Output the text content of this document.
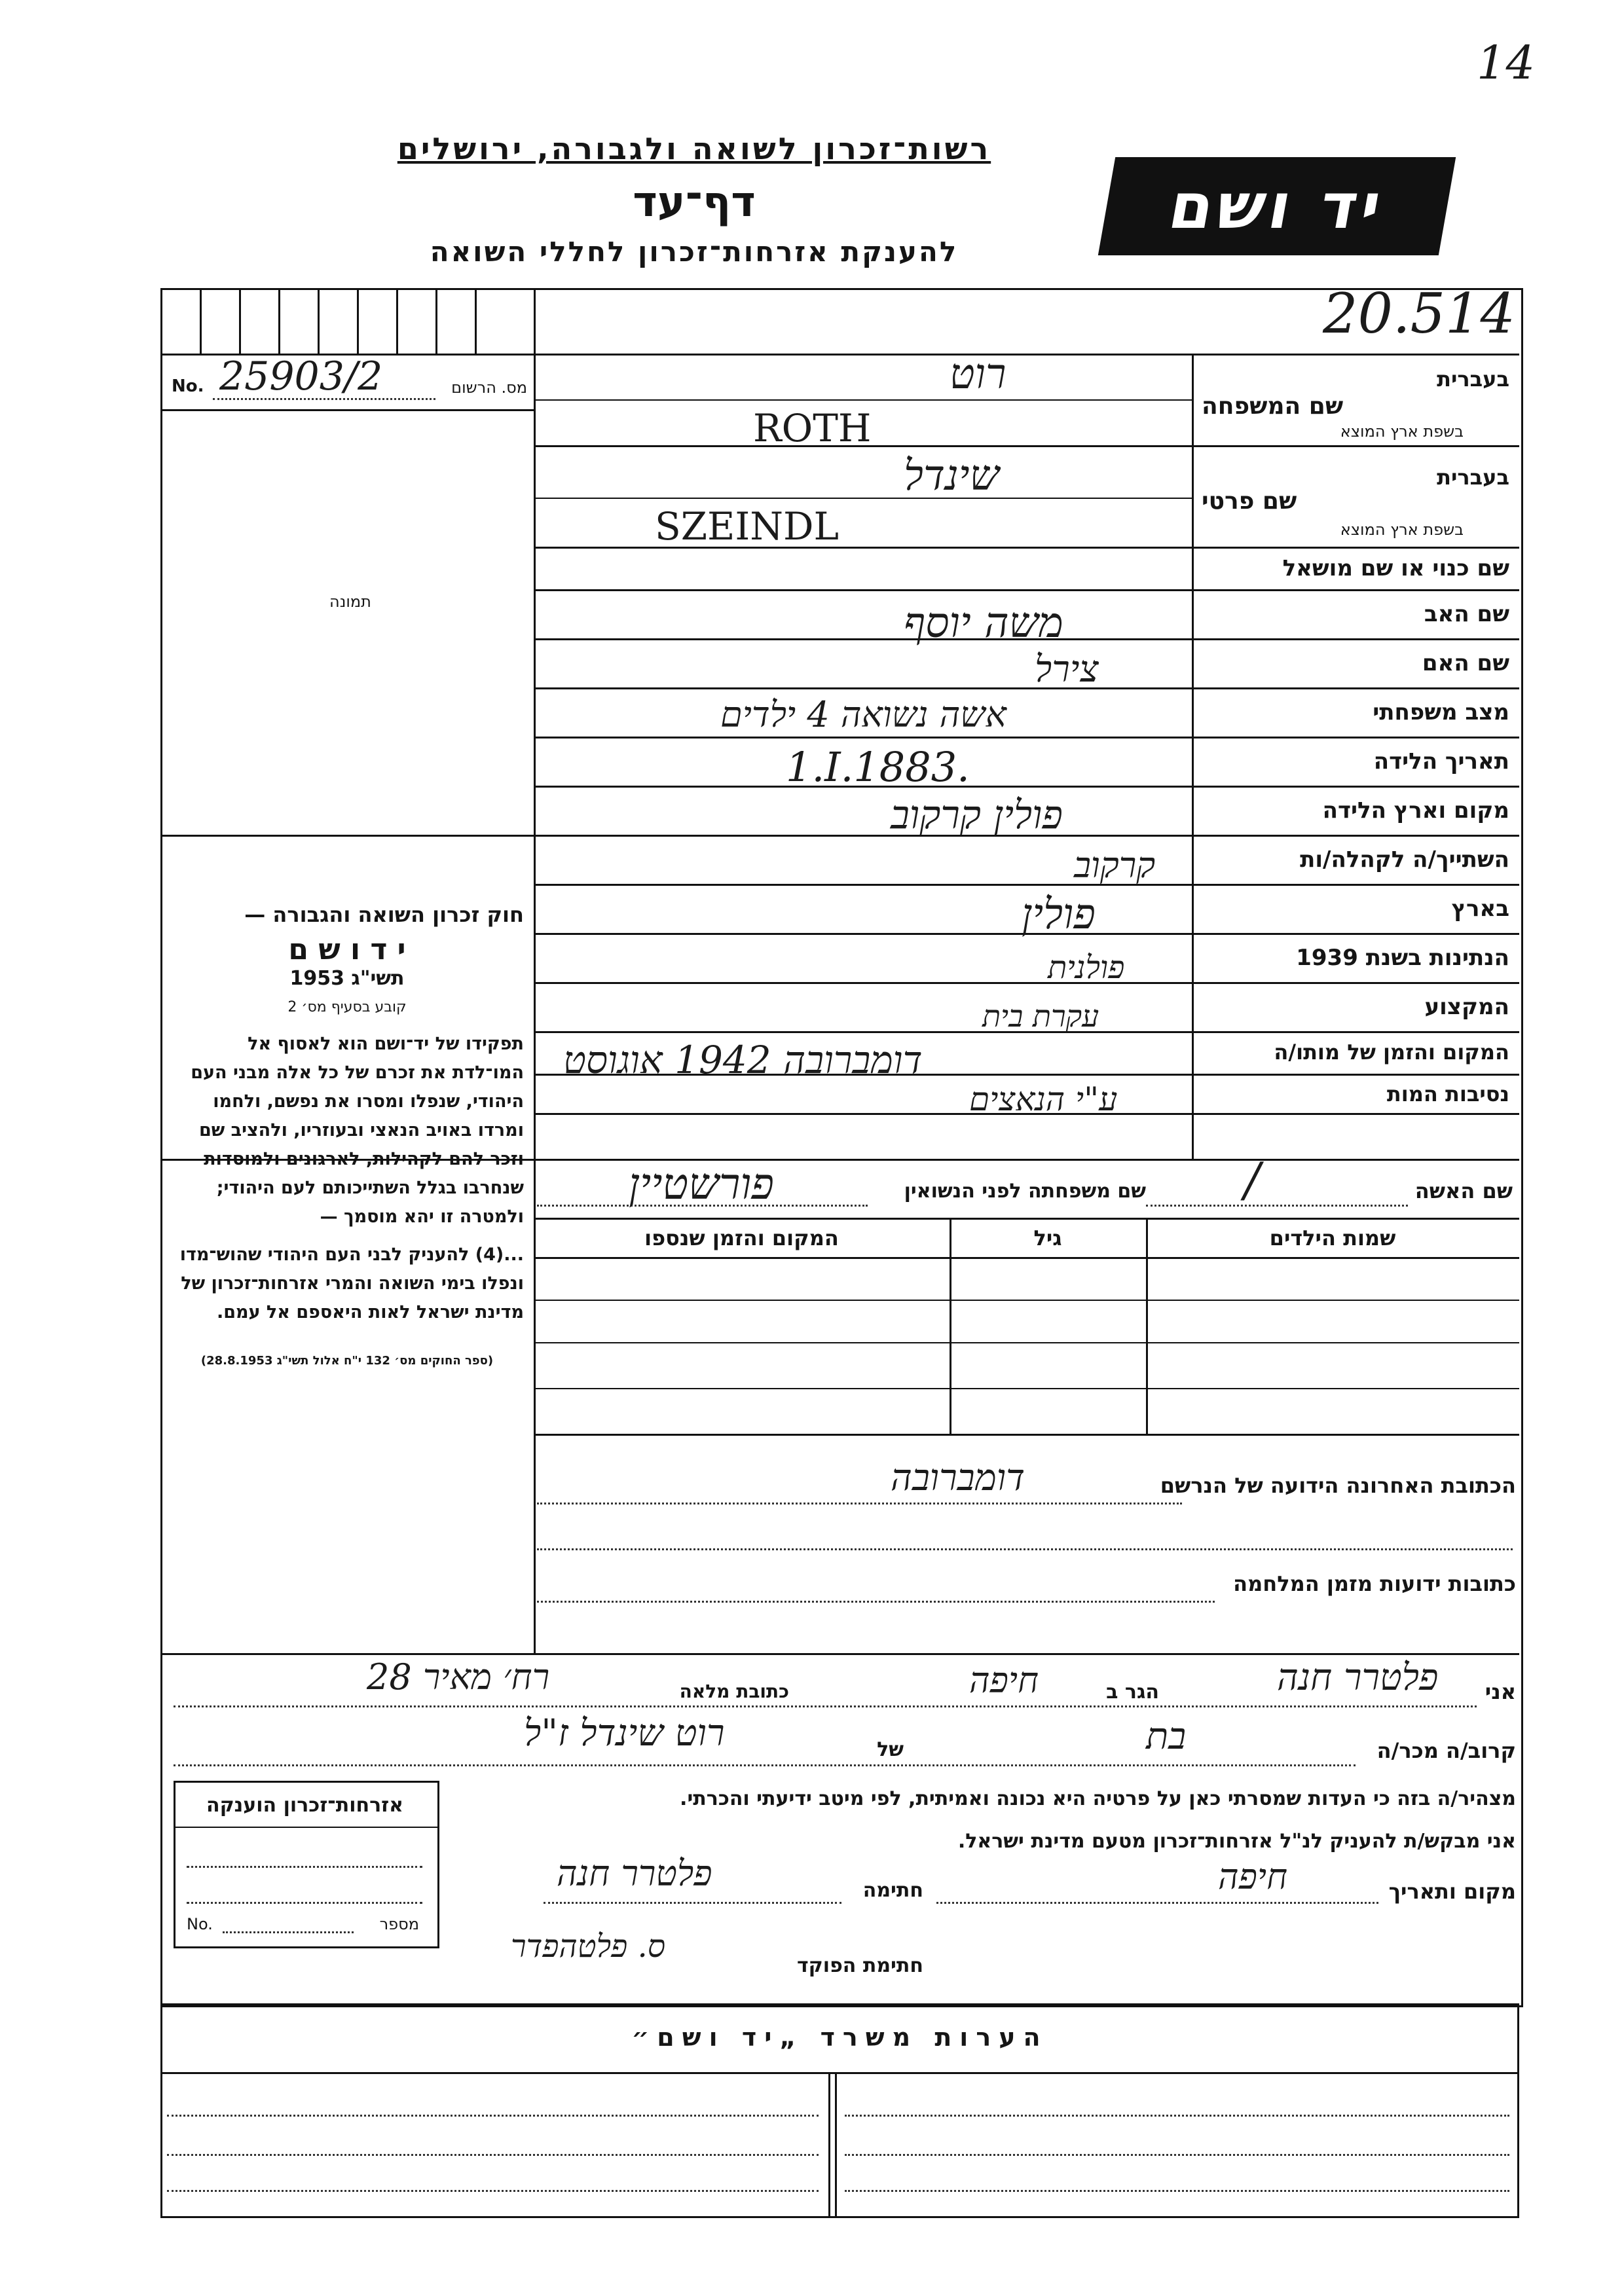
14
רשות־זכרון לשואה ולגבורה, ירושלים
דף־עד
להענקת אזרחות־זכרון לחללי השואה
יד ושם
20.514
No. 25903/2	מס. הרשום
תמונה
חוק זכרון השואה והגבורה —
י ד ו ש ם
תשי"ג 1953
קובע בסעיף מס׳ 2

תפקידו של יד־ושם הוא לאסוף אל המו־לדת את זכרם של כל אלה מבני העם היהודי, שנפלו ומסרו את נפשם, ולחמו ומרדו באויב הנאצי ובעוזריו, ולהציב שם וזכר להם לקהילות, לארגונים ולמוסדות שנחרבו בגלל השתייכותם לעם היהודי; ולמטרה זו יהא מוסמך —

...(4) להעניק לבני העם היהודי שהוש־מדו ונפלו בימי השואה והמרי אזרחות־זכרון של מדינת ישראל לאות היאספם אל עמם.

(ספר החוקים מס׳ 132 י"ח אלול תשי"ג 28.8.1953)
בעברית
שם המשפחה
בשפת ארץ המוצא
בעברית
שם פרטי
בשפת ארץ המוצא
שם כנוי או שם מושאל
שם האב
שם האם
מצב משפחתי
תאריך הלידה
מקום וארץ הלידה
השתייך/ה לקהלה/ות
בארץ
הנתינות בשנת 1939
המקצוע
המקום והזמן של מותו/ה
נסיבות המות
רוט
ROTH
שינדל
SZEINDL
משה יוסף
צירל
אשה נשואה 4 ילדים
1.I.1883.
פולין קרקוב
קרקוב
פולין
פולנית
עקרת בית
דומברובה 1942 אוגוסט
ע"י הנאצים
שם האשה
/
שם משפחתה לפני הנשואין
פורשטיין
שמות הילדים
גיל
המקום והזמן שנספו
הכתובת האחרונה הידועה של הנרשם
דומברובה
כתובות ידועות מזמן המלחמה
אני
פלטרר חנה
הגר ב
חיפה
כתובת מלאה
רח׳ מאיר 28
קרוב/ה מכר/ה
בת
של
רוט שינדל ז"ל
מצהיר/ה בזה כי העדות שמסרתי כאן על פרטיה היא נכונה ואמיתית, לפי מיטב ידיעתי והכרתי.
אני מבקש/ת להעניק לנ"ל אזרחות־זכרון מטעם מדינת ישראל.
מקום ותאריך
חיפה
חתימה
פלטרר חנה
חתימת הפוקד
ס. פלטהפדר
אזרחות־זכרון הוענקה
No.	מספר
הערות משרד „יד ושם״
